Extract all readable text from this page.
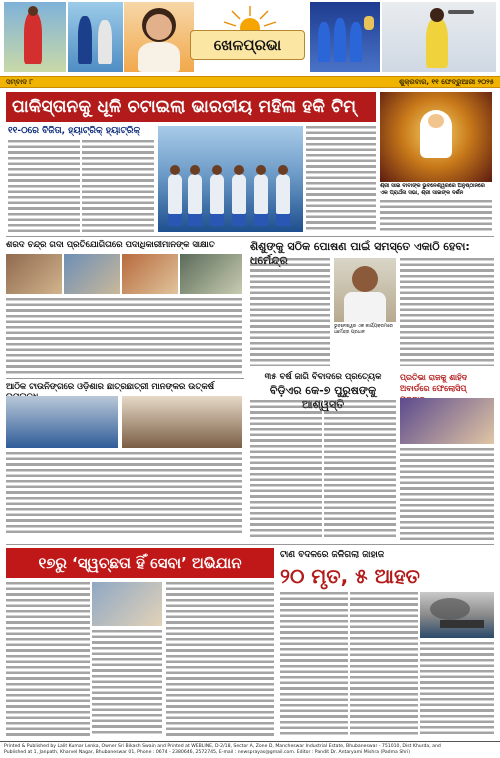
ଖେଳପ୍ରଭା
ସମ୍ବାଦ ୮	ଶୁକ୍ରବାର, ୧୧ ଫେବ୍ରୁଆରୀ ୨୦୨୫
ପାକିସ୍ତାନକୁ ଧୂଳି ଚଟାଇଲା ଭାରତୀୟ ମହିଳା ହକି ଟିମ୍
୧୧-୦ରେ ବିଜିତା, ହ୍ୟାଟ୍ରିକ୍ ହ୍ୟାଟ୍ରିକ୍
ଶ୍ରୀ ସାଇ ବାବାଙ୍କ ଭୁବନେଶ୍ୱରରେ ଅନୁଷ୍ଠାନରେ ଏକ ପ୍ରାର୍ଥନା ସଭା, ଶ୍ରୀ ସାଇଙ୍କ ଦର୍ଶନ
ଶରଦ ଚନ୍ଦ୍ର ଗଦା ପ୍ରତିଯୋଗିତାରେ ପଦାଧିକାରୀମାନଙ୍କ ସାକ୍ଷାତ	ଶିଶୁଙ୍କୁ ସଠିକ ପୋଷଣ ପାଇଁ ସମସ୍ତେ ଏକାଠି ହେବା: ଧର୍ମେନ୍ଦ୍ର
ଭୁବନେଶ୍ୱର ଏକ କାର୍ଯ୍ୟକ୍ରମରେ ଧର୍ମେନ୍ଦ୍ର ପ୍ରଧାନ
ପ୍ରତିଭା ରାଜକୁ ଶାହିଦ ଅବାର୍ଡରେ ଫେଲୋସିପ୍
୩୫ ବର୍ଷ ଜାଗି ବିବାଦରେ ପ୍ରତ୍ୟେକ
ବିଡ଼ିଏର କେ-୭ ପୁରୁଷଙ୍କୁ ଆଶ୍ୱସ୍ତି
ଆଠିକ ଟାଉନିଙ୍ଗରେ ଓଡ଼ିଶାର ଛାତ୍ରଛାତ୍ରୀ ମାନଙ୍କର ଉତ୍କର୍ଷ
୧୭ରୁ ‘ସ୍ୱଚ୍ଛତା ହିଁ ସେବା’ ଅଭିଯାନ	ଟାଣ ବଦଳରେ ଜଳିଗଲା ଜାହାଜ
୨୦ ମୃତ, ୫ ଆହତ
Printed & Published by Lalit Kumar Lenka, Owner Sri Bikash Swain and Printed at WEBLINE, D-2/18, Sector A, Zone D, Mancheswar Industrial Estate, Bhubaneswar - 751010, Dist Khurda, and
Published at 1, Janpath, Kharvel Nagar, Bhubaneswar 01, Phone : 0674 - 2380646, 2572745, E-mail : newsprayas@gmail.com. Editor : Pandit Dr. Antaryami Mishra (Padma Shri)
